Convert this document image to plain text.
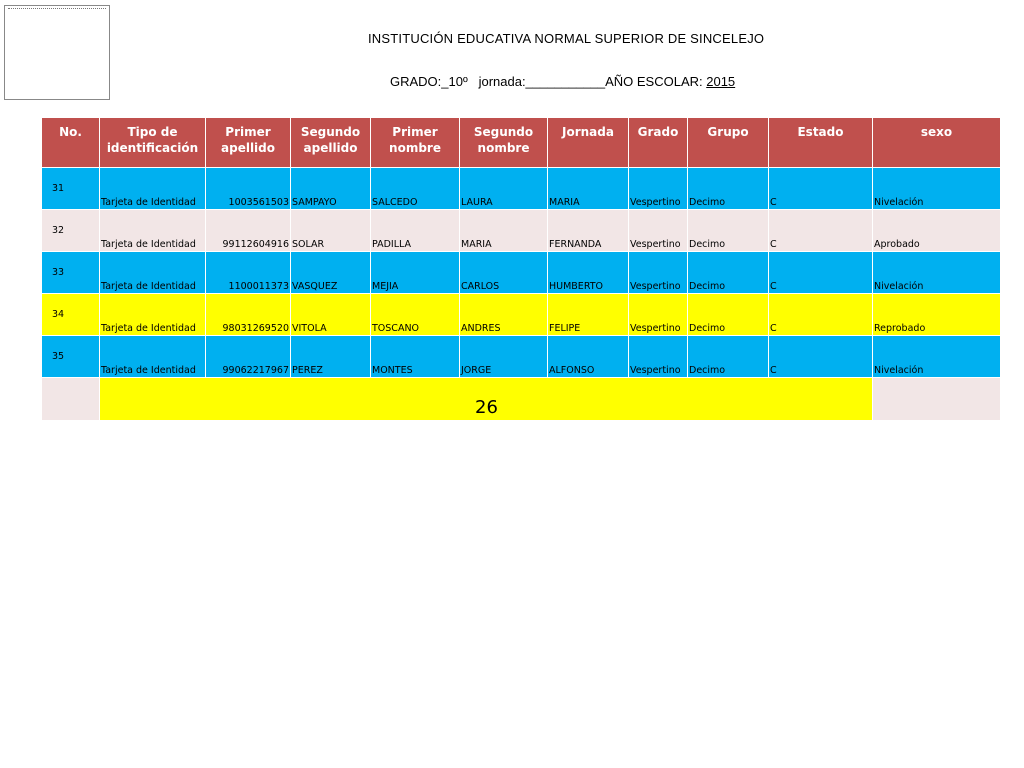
INSTITUCIÓN EDUCATIVA NORMAL SUPERIOR DE SINCELEJO
GRADO:_10º jornada:___________AÑO ESCOLAR: 2015
No.	Tipo de identificación	Primer apellido	Segundo apellido	Primer nombre	Segundo nombre	Jornada	Grado	Grupo	Estado	sexo
31	Tarjeta de Identidad	1003561503	SAMPAYO	SALCEDO	LAURA	MARIA	Vespertino	Decimo	C	Nivelación
32	Tarjeta de Identidad	99112604916	SOLAR	PADILLA	MARIA	FERNANDA	Vespertino	Decimo	C	Aprobado
33	Tarjeta de Identidad	1100011373	VASQUEZ	MEJIA	CARLOS	HUMBERTO	Vespertino	Decimo	C	Nivelación
34	Tarjeta de Identidad	98031269520	VITOLA	TOSCANO	ANDRES	FELIPE	Vespertino	Decimo	C	Reprobado
35	Tarjeta de Identidad	99062217967	PEREZ	MONTES	JORGE	ALFONSO	Vespertino	Decimo	C	Nivelación
	26									
